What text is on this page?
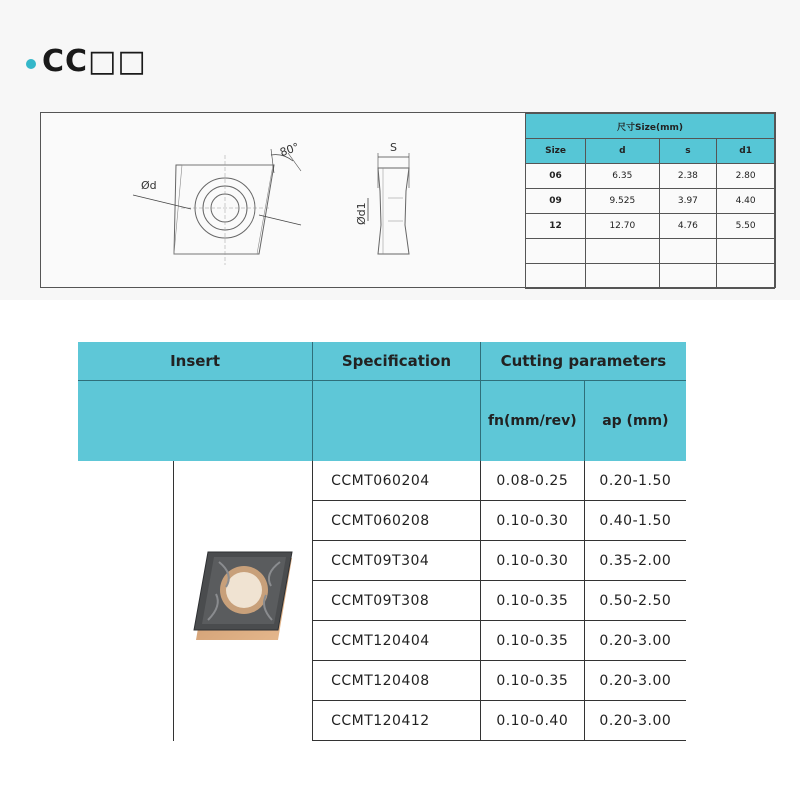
CC□□
Ød
80°	S
Ød1
尺寸Size(mm)			
Size	d	s	d1
06	6.35	2.38	2.80
09	9.525	3.97	4.40
12	12.70	4.76	5.50

Insert		Specification	Cutting parameters	
			fn(mm/rev)	ap (mm)
		CCMT060204	0.08-0.25	0.20-1.50
		CCMT060208	0.10-0.30	0.40-1.50
		CCMT09T304	0.10-0.30	0.35-2.00
		CCMT09T308	0.10-0.35	0.50-2.50
		CCMT120404	0.10-0.35	0.20-3.00
		CCMT120408	0.10-0.35	0.20-3.00
		CCMT120412	0.10-0.40	0.20-3.00
